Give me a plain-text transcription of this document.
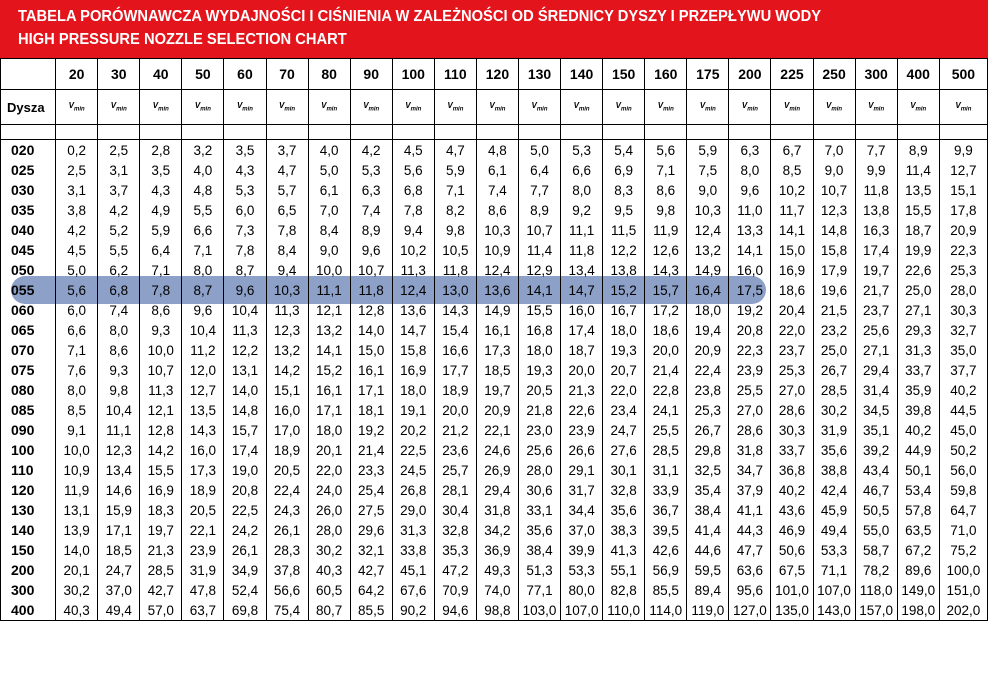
TABELA PORÓWNAWCZA WYDAJNOŚCI I CIŚNIENIA W ZALEŻNOŚCI OD ŚREDNICY DYSZY I PRZEPŁYWU WODY
HIGH PRESSURE NOZZLE SELECTION CHART
	20	30	40	50	60	70	80	90	100	110	120	130	140	150	160	175	200	225	250	300	400	500
Dysza	$V_{min}$	$V_{min}$	$V_{min}$	$V_{min}$	$V_{min}$	$V_{min}$	$V_{min}$	$V_{min}$	$V_{min}$	$V_{min}$	$V_{min}$	$V_{min}$	$V_{min}$	$V_{min}$	$V_{min}$	$V_{min}$	$V_{min}$	$V_{min}$	$V_{min}$	$V_{min}$	$V_{min}$	$V_{min}$

020	0,2	2,5	2,8	3,2	3,5	3,7	4,0	4,2	4,5	4,7	4,8	5,0	5,3	5,4	5,6	5,9	6,3	6,7	7,0	7,7	8,9	9,9
025	2,5	3,1	3,5	4,0	4,3	4,7	5,0	5,3	5,6	5,9	6,1	6,4	6,6	6,9	7,1	7,5	8,0	8,5	9,0	9,9	11,4	12,7
030	3,1	3,7	4,3	4,8	5,3	5,7	6,1	6,3	6,8	7,1	7,4	7,7	8,0	8,3	8,6	9,0	9,6	10,2	10,7	11,8	13,5	15,1
035	3,8	4,2	4,9	5,5	6,0	6,5	7,0	7,4	7,8	8,2	8,6	8,9	9,2	9,5	9,8	10,3	11,0	11,7	12,3	13,8	15,5	17,8
040	4,2	5,2	5,9	6,6	7,3	7,8	8,4	8,9	9,4	9,8	10,3	10,7	11,1	11,5	11,9	12,4	13,3	14,1	14,8	16,3	18,7	20,9
045	4,5	5,5	6,4	7,1	7,8	8,4	9,0	9,6	10,2	10,5	10,9	11,4	11,8	12,2	12,6	13,2	14,1	15,0	15,8	17,4	19,9	22,3
050	5,0	6,2	7,1	8,0	8,7	9,4	10,0	10,7	11,3	11,8	12,4	12,9	13,4	13,8	14,3	14,9	16,0	16,9	17,9	19,7	22,6	25,3
055	5,6	6,8	7,8	8,7	9,6	10,3	11,1	11,8	12,4	13,0	13,6	14,1	14,7	15,2	15,7	16,4	17,5	18,6	19,6	21,7	25,0	28,0
060	6,0	7,4	8,6	9,6	10,4	11,3	12,1	12,8	13,6	14,3	14,9	15,5	16,0	16,7	17,2	18,0	19,2	20,4	21,5	23,7	27,1	30,3
065	6,6	8,0	9,3	10,4	11,3	12,3	13,2	14,0	14,7	15,4	16,1	16,8	17,4	18,0	18,6	19,4	20,8	22,0	23,2	25,6	29,3	32,7
070	7,1	8,6	10,0	11,2	12,2	13,2	14,1	15,0	15,8	16,6	17,3	18,0	18,7	19,3	20,0	20,9	22,3	23,7	25,0	27,1	31,3	35,0
075	7,6	9,3	10,7	12,0	13,1	14,2	15,2	16,1	16,9	17,7	18,5	19,3	20,0	20,7	21,4	22,4	23,9	25,3	26,7	29,4	33,7	37,7
080	8,0	9,8	11,3	12,7	14,0	15,1	16,1	17,1	18,0	18,9	19,7	20,5	21,3	22,0	22,8	23,8	25,5	27,0	28,5	31,4	35,9	40,2
085	8,5	10,4	12,1	13,5	14,8	16,0	17,1	18,1	19,1	20,0	20,9	21,8	22,6	23,4	24,1	25,3	27,0	28,6	30,2	34,5	39,8	44,5
090	9,1	11,1	12,8	14,3	15,7	17,0	18,0	19,2	20,2	21,2	22,1	23,0	23,9	24,7	25,5	26,7	28,6	30,3	31,9	35,1	40,2	45,0
100	10,0	12,3	14,2	16,0	17,4	18,9	20,1	21,4	22,5	23,6	24,6	25,6	26,6	27,6	28,5	29,8	31,8	33,7	35,6	39,2	44,9	50,2
110	10,9	13,4	15,5	17,3	19,0	20,5	22,0	23,3	24,5	25,7	26,9	28,0	29,1	30,1	31,1	32,5	34,7	36,8	38,8	43,4	50,1	56,0
120	11,9	14,6	16,9	18,9	20,8	22,4	24,0	25,4	26,8	28,1	29,4	30,6	31,7	32,8	33,9	35,4	37,9	40,2	42,4	46,7	53,4	59,8
130	13,1	15,9	18,3	20,5	22,5	24,3	26,0	27,5	29,0	30,4	31,8	33,1	34,4	35,6	36,7	38,4	41,1	43,6	45,9	50,5	57,8	64,7
140	13,9	17,1	19,7	22,1	24,2	26,1	28,0	29,6	31,3	32,8	34,2	35,6	37,0	38,3	39,5	41,4	44,3	46,9	49,4	55,0	63,5	71,0
150	14,0	18,5	21,3	23,9	26,1	28,3	30,2	32,1	33,8	35,3	36,9	38,4	39,9	41,3	42,6	44,6	47,7	50,6	53,3	58,7	67,2	75,2
200	20,1	24,7	28,5	31,9	34,9	37,8	40,3	42,7	45,1	47,2	49,3	51,3	53,3	55,1	56,9	59,5	63,6	67,5	71,1	78,2	89,6	100,0
300	30,2	37,0	42,7	47,8	52,4	56,6	60,5	64,2	67,6	70,9	74,0	77,1	80,0	82,8	85,5	89,4	95,6	101,0	107,0	118,0	149,0	151,0
400	40,3	49,4	57,0	63,7	69,8	75,4	80,7	85,5	90,2	94,6	98,8	103,0	107,0	110,0	114,0	119,0	127,0	135,0	143,0	157,0	198,0	202,0
